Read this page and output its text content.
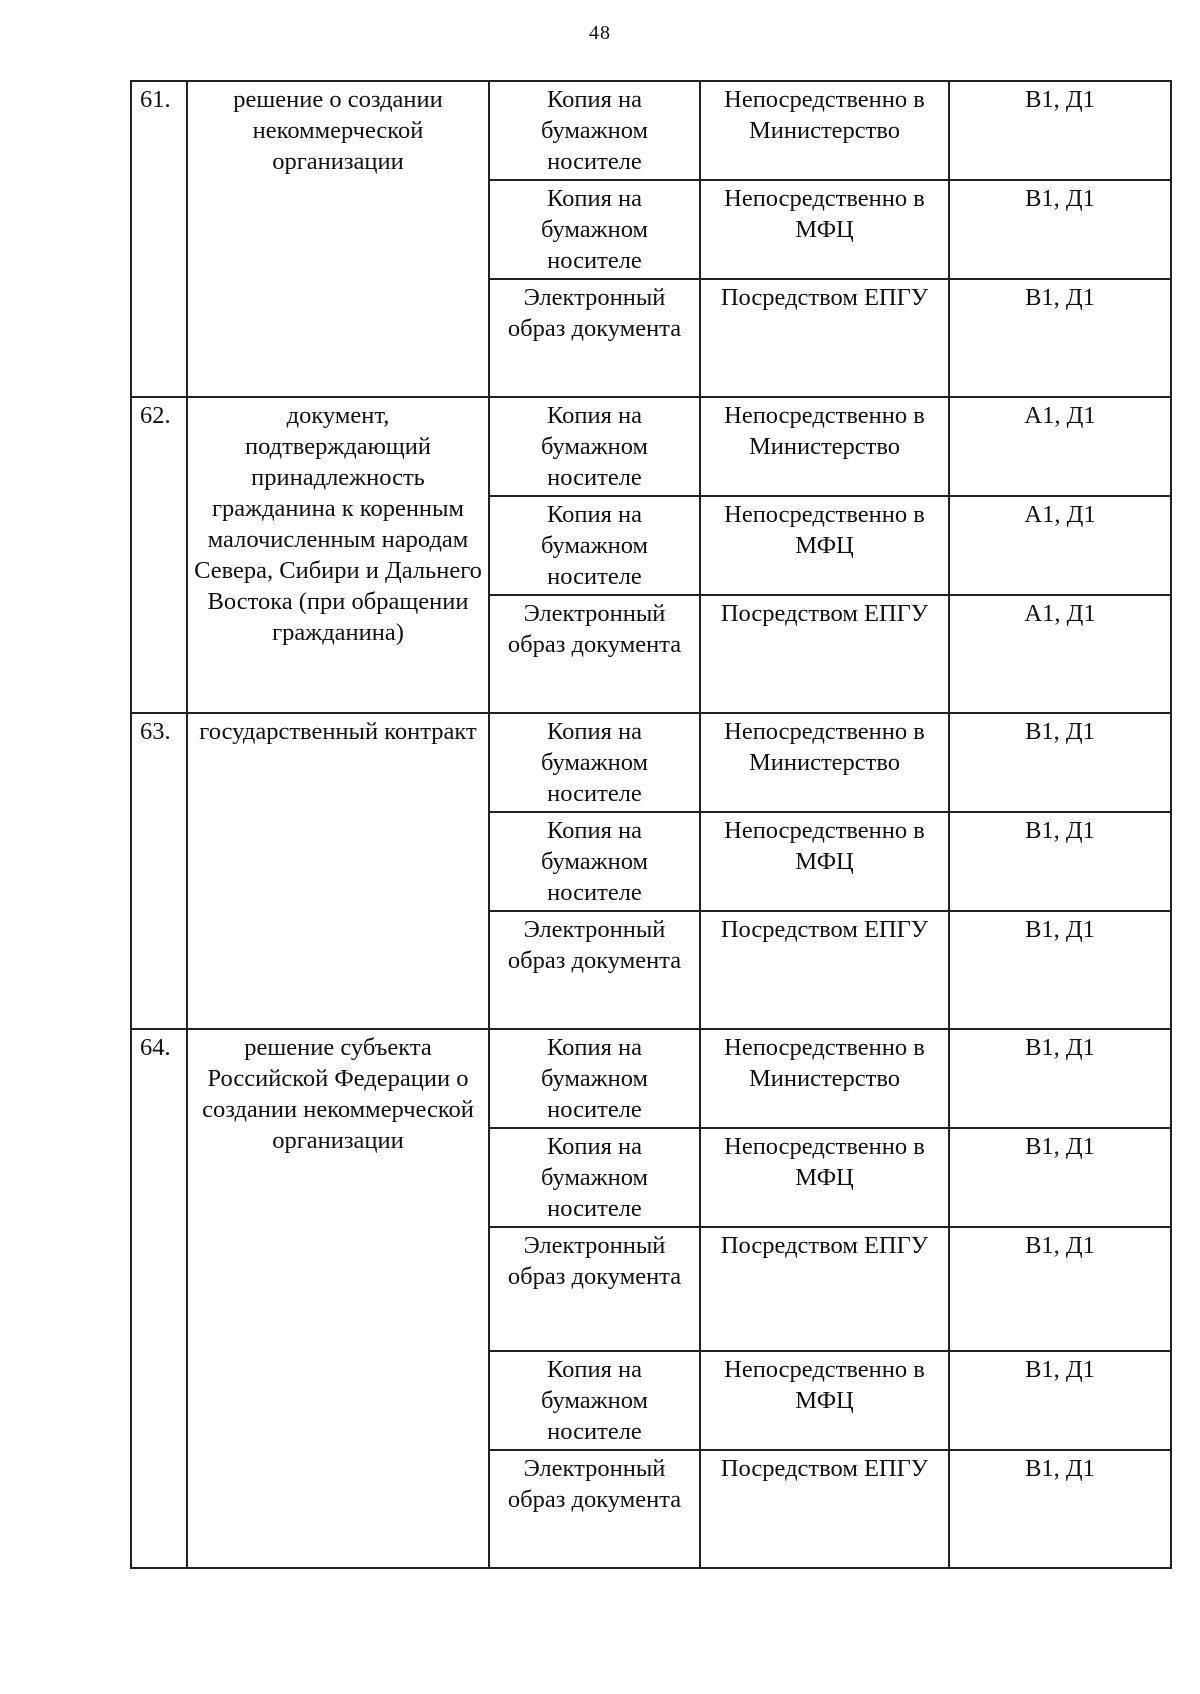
48
61.	решение о создании некоммерческой организации	Копия на бумажном носителе	Непосредственно в Министерство	B1, Д1
		Копия на бумажном носителе	Непосредственно в МФЦ	B1, Д1
		Электронный образ документа	Посредством ЕПГУ	B1, Д1
62.	документ, подтверждающий принадлежность гражданина к коренным малочисленным народам Севера, Сибири и Дальнего Востока (при обращении гражданина)	Копия на бумажном носителе	Непосредственно в Министерство	A1, Д1
		Копия на бумажном носителе	Непосредственно в МФЦ	A1, Д1
		Электронный образ документа	Посредством ЕПГУ	A1, Д1
63.	государственный контракт	Копия на бумажном носителе	Непосредственно в Министерство	B1, Д1
		Копия на бумажном носителе	Непосредственно в МФЦ	B1, Д1
		Электронный образ документа	Посредством ЕПГУ	B1, Д1
64.	решение субъекта Российской Федерации о создании некоммерческой организации	Копия на бумажном носителе	Непосредственно в Министерство	B1, Д1
		Копия на бумажном носителе	Непосредственно в МФЦ	B1, Д1
		Электронный образ документа	Посредством ЕПГУ	B1, Д1
		Копия на бумажном носителе	Непосредственно в МФЦ	B1, Д1
		Электронный образ документа	Посредством ЕПГУ	B1, Д1
